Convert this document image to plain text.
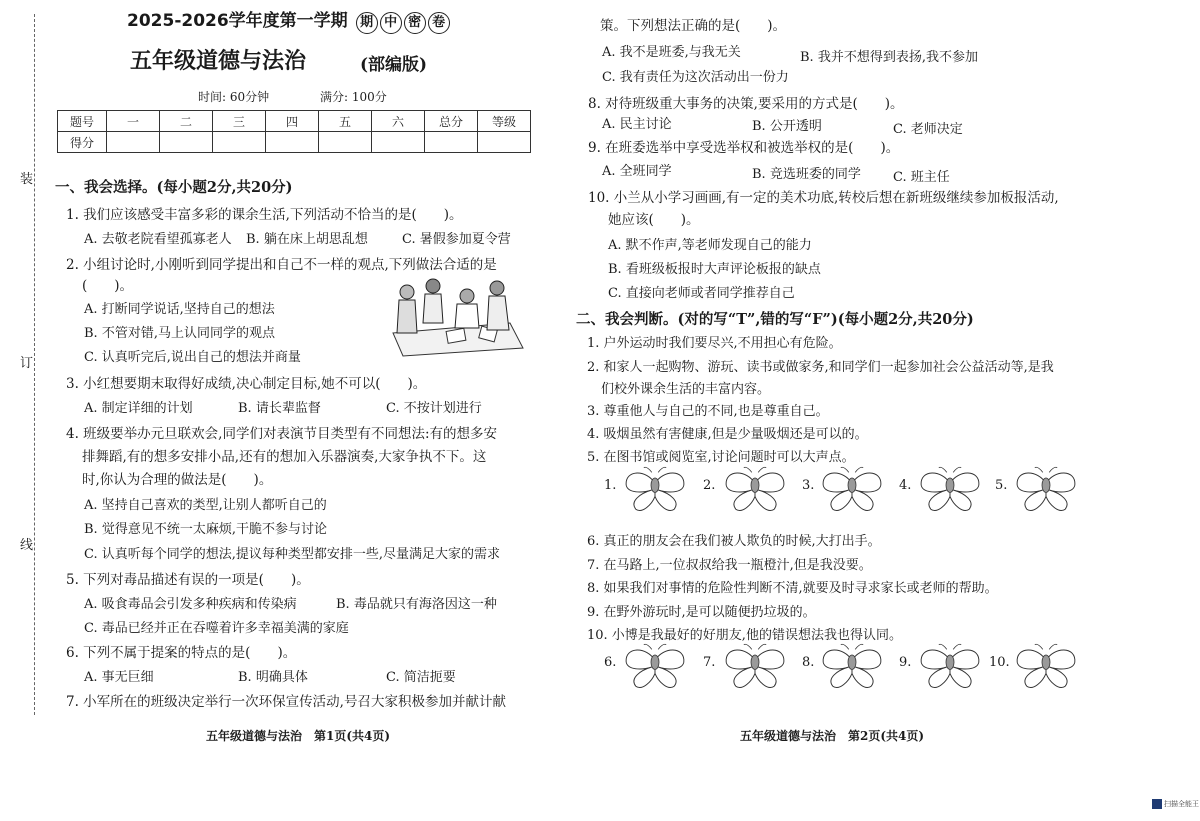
装
订
线
2025-2026学年度第一学期 期 中 密 卷
五年级道德与法治	(部编版)
时间: 60分钟	满分: 100分
题号	一	二	三	四	五	六	总分	等级
得分								
一、我会选择。(每小题2分,共20分)
1. 我们应该感受丰富多彩的课余生活,下列活动不恰当的是(　　)。
A. 去敬老院看望孤寡老人 B. 躺在床上胡思乱想	C. 暑假参加夏令营
2. 小组讨论时,小刚听到同学提出和自己不一样的观点,下列做法合适的是
(　　)。
A. 打断同学说话,坚持自己的想法
B. 不管对错,马上认同同学的观点
C. 认真听完后,说出自己的想法并商量
3. 小红想要期末取得好成绩,决心制定目标,她不可以(　　)。
A. 制定详细的计划	B. 请长辈监督	C. 不按计划进行
4. 班级要举办元旦联欢会,同学们对表演节目类型有不同想法:有的想多安
排舞蹈,有的想多安排小品,还有的想加入乐器演奏,大家争执不下。这
时,你认为合理的做法是(　　)。
A. 坚持自己喜欢的类型,让别人都听自己的
B. 觉得意见不统一太麻烦,干脆不参与讨论
C. 认真听每个同学的想法,提议每种类型都安排一些,尽量满足大家的需求
5. 下列对毒品描述有误的一项是(　　)。
A. 吸食毒品会引发多种疾病和传染病	B. 毒品就只有海洛因这一种
C. 毒品已经并正在吞噬着许多幸福美满的家庭
6. 下列不属于提案的特点的是(　　)。
A. 事无巨细	B. 明确具体	C. 简洁扼要
7. 小军所在的班级决定举行一次环保宣传活动,号召大家积极参加并献计献
五年级道德与法治　第1页(共4页)
策。下列想法正确的是(　　)。
A. 我不是班委,与我无关	B. 我并不想得到表扬,我不参加
C. 我有责任为这次活动出一份力
8. 对待班级重大事务的决策,要采用的方式是(　　)。
A. 民主讨论	B. 公开透明	C. 老师决定
9. 在班委选举中享受选举权和被选举权的是(　　)。
A. 全班同学	B. 竞选班委的同学 C. 班主任
10. 小兰从小学习画画,有一定的美术功底,转校后想在新班级继续参加板报活动,
她应该(　　)。
A. 默不作声,等老师发现自己的能力
B. 看班级板报时大声评论板报的缺点
C. 直接向老师或者同学推荐自己
二、我会判断。(对的写“T”,错的写“F”)(每小题2分,共20分)
1. 户外运动时我们要尽兴,不用担心有危险。
2. 和家人一起购物、游玩、读书或做家务,和同学们一起参加社会公益活动等,是我
们校外课余生活的丰富内容。
3. 尊重他人与自己的不同,也是尊重自己。
4. 吸烟虽然有害健康,但是少量吸烟还是可以的。
5. 在图书馆或阅览室,讨论问题时可以大声点。
1.	2.	3.	4.	5.
6. 真正的朋友会在我们被人欺负的时候,大打出手。
7. 在马路上,一位叔叔给我一瓶橙汁,但是我没要。
8. 如果我们对事情的危险性判断不清,就要及时寻求家长或老师的帮助。
9. 在野外游玩时,是可以随便扔垃圾的。
10. 小博是我最好的好朋友,他的错误想法我也得认同。
6.	7.	8.	9.	10.
五年级道德与法治　第2页(共4页)
扫描全能王
